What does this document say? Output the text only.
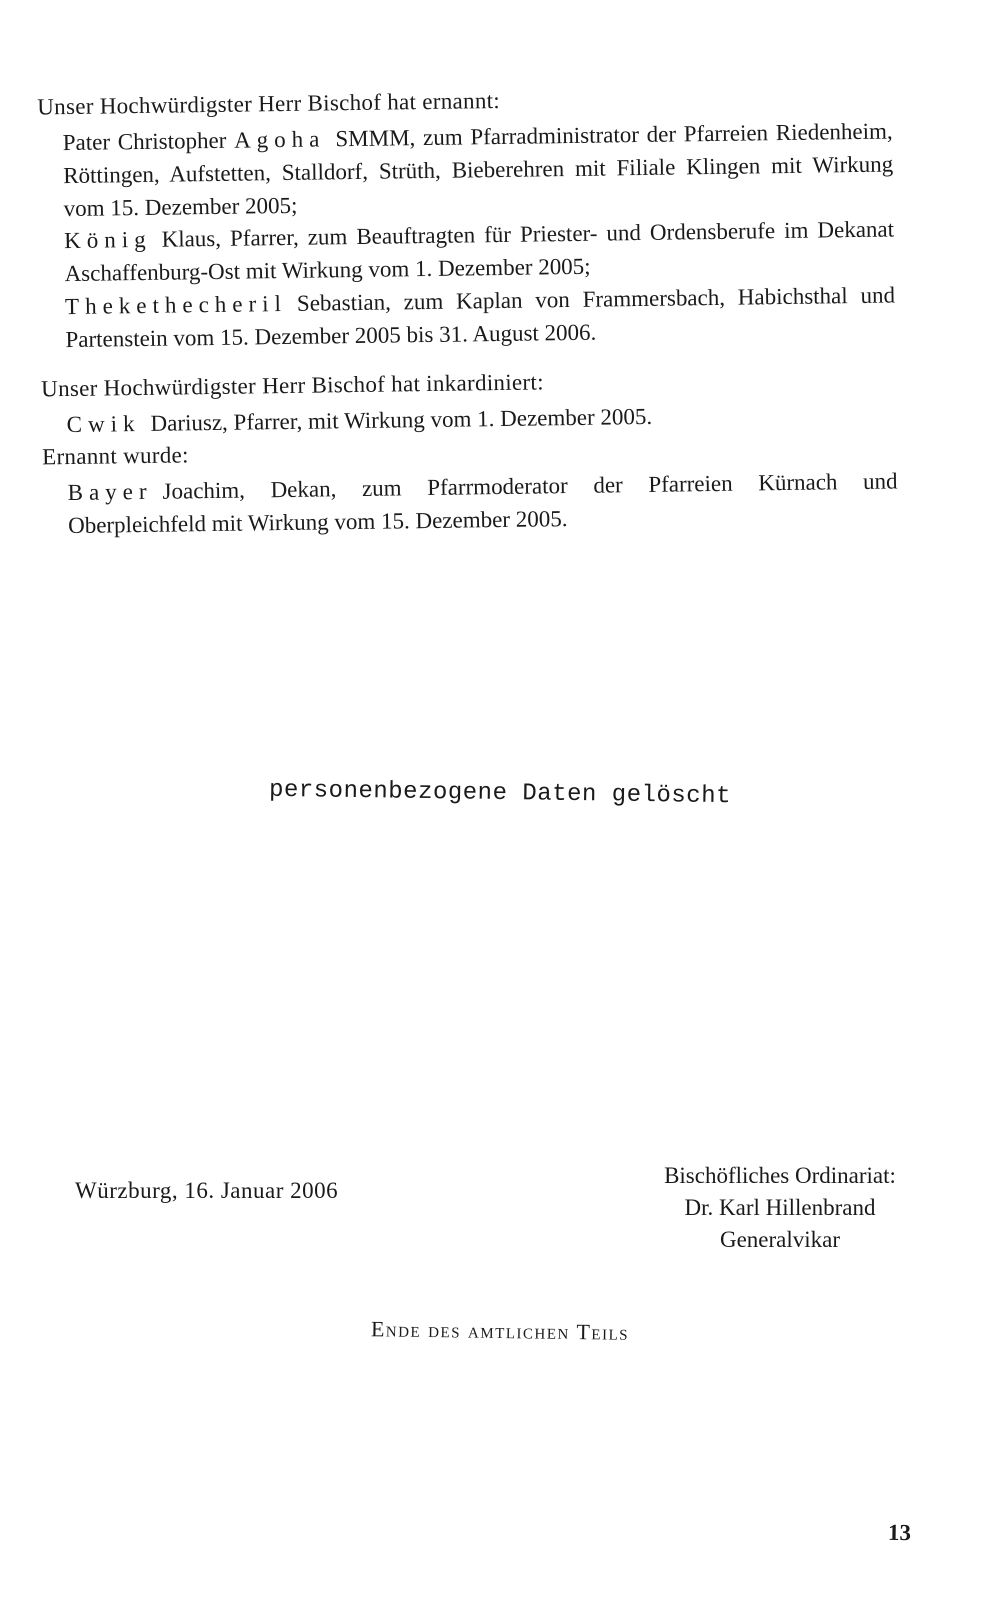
Unser Hochwürdigster Herr Bischof hat ernannt:
Pater Christopher Agoha SMMM, zum Pfarradministrator der Pfarreien Riedenheim, Röttingen, Aufstetten, Stalldorf, Strüth, Bieberehren mit Filiale Klingen mit Wirkung vom 15. Dezember 2005;
König Klaus, Pfarrer, zum Beauftragten für Priester- und Ordensberufe im Dekanat Aschaffenburg-Ost mit Wirkung vom 1. Dezember 2005;
Thekethecheril Sebastian, zum Kaplan von Frammersbach, Habichsthal und Partenstein vom 15. Dezember 2005 bis 31. August 2006.
Unser Hochwürdigster Herr Bischof hat inkardiniert:
Cwik Dariusz, Pfarrer, mit Wirkung vom 1. Dezember 2005.
Ernannt wurde:
Bayer Joachim, Dekan, zum Pfarrmoderator der Pfarreien Kürnach und Oberpleichfeld mit Wirkung vom 15. Dezember 2005.
personenbezogene Daten gelöscht
Würzburg, 16. Januar 2006
Bischöfliches Ordinariat:
Dr. Karl Hillenbrand
Generalvikar
Ende des amtlichen Teils
13
